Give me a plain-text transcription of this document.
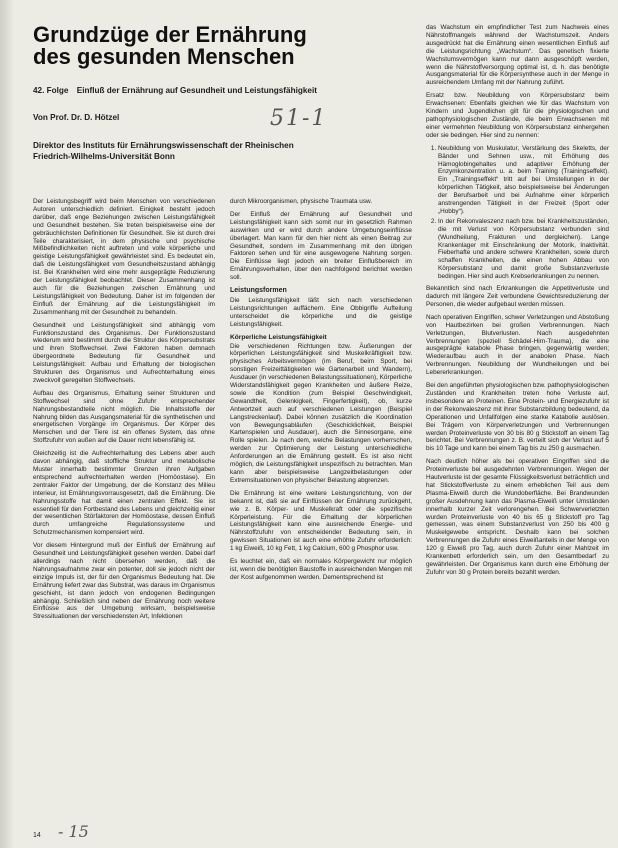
Grundzüge der Ernährung
des gesunden Menschen
42. Folge Einfluß der Ernährung auf Gesundheit und Leistungsfähigkeit
Von Prof. Dr. D. Hötzel	51-1
Direktor des Instituts für Ernährungswissenschaft der Rheinischen
Friedrich-Wilhelms-Universität Bonn

Der Leistungsbegriff wird beim Menschen von verschiedenen Autoren unterschiedlich definiert. Einigkeit besteht jedoch darüber, daß enge Beziehungen zwischen Leistungsfähigkeit und Gesundheit bestehen. Sie treten beispielsweise eine der gebräuchlichsten Definitionen für Gesundheit. Sie ist durch drei Teile charakterisiert, in dem physische und psychische Mißbefindlichkeiten nicht auftreten und volle körperliche und geistige Leistungsfähigkeit gewährleistet sind. Es bedeutet ein, daß die Leistungsfähigkeit vom Gesundheitszustand abhängig ist. Bei Krankheiten wird eine mehr ausgeprägte Reduzierung der Leistungsfähigkeit beobachtet. Dieser Zusammenhang ist auch für die Beziehungen zwischen Ernährung und Leistungsfähigkeit von Bedeutung. Daher ist im folgenden der Einfluß der Ernährung auf die Leistungsfähigkeit im Zusammenhang mit der Gesundheit zu behandeln.

Gesundheit und Leistungsfähigkeit sind abhängig vom Funktionszustand des Organismus. Der Funktionszustand wiederum wird bestimmt durch die Struktur des Körpersubstrats und ihren Stoffwechsel. Zwei Faktoren haben demnach übergeordnete Bedeutung für Gesundheit und Leistungsfähigkeit: Aufbau und Erhaltung der biologischen Strukturen des Organismus und Aufrechterhaltung eines zweckvoll geregelten Stoffwechsels.

Aufbau des Organismus, Erhaltung seiner Strukturen und Stoffwechsel sind ohne Zufuhr entsprechender Nahrungsbestandteile nicht möglich. Die Inhaltsstoffe der Nahrung bilden das Ausgangsmaterial für die synthetischen und energetischen Vorgänge im Organismus. Der Körper des Menschen und der Tiere ist ein offenes System, das ohne Stoffzufuhr von außen auf die Dauer nicht lebensfähig ist.

Gleichzeitig ist die Aufrechterhaltung des Lebens aber auch davon abhängig, daß stoffliche Struktur und metabolische Muster innerhalb bestimmter Grenzen ihren Aufgaben entsprechend aufrechterhalten werden (Homöostase). Ein zentraler Faktor der Umgebung, der die Konstanz des Milieu interieur, ist Ernährungsvorrausgesetzt, daß die Ernährung. Die Nahrungsstoffe hat damit einen zentralen Effekt. Sie ist essentiell für den Fortbestand des Lebens und gleichzeitig einer der wesentlichen Störfaktoren der Homöostase, dessen Einfluß durch umfangreiche Regulationssysteme und Schutzmechanismen kompensiert wird.

Vor diesem Hintergrund muß der Einfluß der Ernährung auf Gesundheit und Leistungsfähigkeit gesehen werden. Dabei darf allerdings nach nicht übersehen werden, daß die Nahrungsaufnahme zwar ein potenter, doll sie jedoch nicht der einzige Impuls ist, der für den Organismus Bedeutung hat. Die Ernährung liefert zwar das Substrat, was daraus im Organismus geschieht, ist dann jedoch von endogenen Bedingungen abhängig. Schließlich sind neben der Ernährung noch weitere Einflüsse aus der Umgebung wirksam, beispielsweise Stressituationen der verschiedensten Art, Infektionen

durch Mikroorganismen, physische Traumata usw.

Der Einfluß der Ernährung auf Gesundheit und Leistungsfähigkeit kann sich somit nur im gesetzlich Rahmen auswirken und er wird durch andere Umgebungseinflüsse überlagert. Man kann für den hier nicht als einen Beitrag zur Gesundheit, sondern im Zusammenhang mit den übrigen Faktoren sehen und für eine ausgewogene Nahrung sorgen. Die Einflüsse liegt jedoch ein breiter Einflußbereich im Ernährungsverhalten, über den nachfolgend berichtet werden soll.

Leistungsformen

Die Leistungsfähigkeit läßt sich nach verschiedenen Leistungsrichtungen auffächern. Eine Obbigriffe Aufteilung unterscheidet die körperliche und die geistige Leistungsfähigkeit.

Körperliche Leistungsfähigkeit

Die verschiedenen Richtungen bzw. Äußerungen der körperlichen Leistungsfähigkeit sind Muskelkräftigkeit bzw. physisches Arbeitsvermögen (im Beruf, beim Sport, bei sonstigen Freizeittätigkeiten wie Gartenarbeit und Wandern), Ausdauer (in verschiedenen Belastungssituationen), Körperliche Widerstandsfähigkeit gegen Krankheiten und äußere Reize, sowie die Kondition (zum Beispiel Geschwindigkeit, Gewandtheit, Gelenkigkeit, Fingerfertigkeit), ob, kurze Antwortzeit auch auf verschiedenen Leistungen (Beispiel Langstreckenlauf). Dabei können zusätzlich die Koordination von Bewegungsabläufen (Geschicklichkeit, Beispiel Kartenspielen und Ausdauer), auch die Sinnesorgane, eine Rolle spielen. Je nach dem, welche Belastungen vorherrschen, werden zur Optimierung der Leistung unterschiedliche Anforderungen an die Ernährung gestellt. Es ist also nicht möglich, die Leistungsfähigkeit unspezifisch zu betrachten. Man kann aber beispielsweise Langzeitbelastungen oder Extremsituationen von physischer Belastung abgrenzen.

Die Ernährung ist eine weitere Leistungsrichtung, von der bekannt ist, daß sie auf Einflüssen der Ernährung zurückgeht, wie z. B. Körper- und Muskelkraft oder die spezifische Körperleistung. Für die Erhaltung der körperlichen Leistungsfähigkeit kann eine ausreichende Energie- und Nährstoffzufuhr von entscheidender Bedeutung sein, in gewissen Situationen ist auch eine erhöhte Zufuhr erforderlich: 1 kg Eiweiß, 10 kg Fett, 1 kg Calcium, 600 g Phosphor usw.

Es leuchtet ein, daß ein normales Körpergewicht nur möglich ist, wenn die benötigten Baustoffe in ausreichenden Mengen mit der Kost aufgenommen werden. Dementsprechend ist

das Wachstum ein empfindlicher Test zum Nachweis eines Nährstoffmangels während der Wachstumszeit. Anders ausgedrückt hat die Ernährung einen wesentlichen Einfluß auf die Leistungsrichtung „Wachstum“. Das genetisch fixierte Wachstumsvermögen kann nur dann ausgeschöpft werden, wenn die Nährstoffversorgung optimal ist, d. h. das benötigte Ausgangsmaterial für die Körpersynthese auch in der Menge in ausreichendem Umfang mit der Nahrung zuführt.

Ersatz bzw. Neubildung von Körpersubstanz beim Erwachsenen: Ebenfalls gleichen wie für das Wachstum von Kindern und Jugendlichen gilt für die physiologischen und pathophysiologischen Zustände, die beim Erwachsenen mit einer vermehrten Neubildung von Körpersubstanz einhergehen oder sie bedingen. Hier sind zu nennen:

1. Neubildung von Muskulatur, Verstärkung des Skeletts, der Bänder und Sehnen usw., mit Erhöhung des Hämoglobingehaltes und adaptiver Erhöhung der Enzymkonzentration u. a. beim Training (Trainingseffekt). Ein „Trainingseffekt“ tritt auf bei Umstellungen in der körperlichen Tätigkeit, also beispielsweise bei Änderungen der Berufsarbeit und bei Aufnahme einer körperlich anstrengenden Tätigkeit in der Freizeit (Sport oder „Hobby“).
2. In der Rekonvaleszenz nach bzw. bei Krankheitszuständen, die mit Verlust von Körpersubstanz verbunden sind (Wundheilung, Frakturen und dergleichen). Lange Krankenlager mit Einschränkung der Motorik, Inaktivität. Fieberhafte und andere schwere Krankheiten, sowie durch schaffen Krankheiten, die einen hohen Abbau von Körpersubstanz und damit große Substanzverluste bedingen. Hier sind auch Krebserkrankungen zu nennen.

Bekanntlich sind nach Erkrankungen die Appetitverluste und dadurch mit längere Zeit verbundene Gewichtsreduzierung der Personen, die wieder aufgebaut werden müssen.

Nach operativen Eingriffen, schwer Verletzungen und Abstoßung von Hautbezirken bei großen Verbrennungen. Nach Verletzungen, Blutverlusten. Nach ausgedehnten Verbrennungen (speziell Schädel-Hirn-Trauma), die eine ausgeprägte katabole Phase bringen, gegenwärtig werden; Wiederaufbau auch in der anabolen Phase. Nach Verbrennungen. Neubildung der Wundheilungen und bei Lebererkrankungen.

Bei den angeführten physiologischen bzw. pathophysiologischen Zuständen und Krankheiten treten hohe Verluste auf, insbesondere an Proteinen. Eine Protein- und Energiezufuhr ist in der Rekonvaleszenz mit ihrer Substanzbildung bedeutend, da Operationen und Unfallfolgen eine starke Katabolie auslösen. Bei Trägern von Körperverletzungen und Verbrennungen werden Proteinverluste von 30 bis 80 g Stickstoff an einem Tag berichtet. Bei Verbrennungen z. B. verteilt sich der Verlust auf 5 bis 10 Tage und kann bei einem Tag bis zu 250 g ausmachen.

Nach deutlich höher als bei operativen Eingriffen sind die Proteinverluste bei ausgedehnten Verbrennungen. Wegen der Hautverluste ist der gesamte Flüssigkeitsverlust beträchtlich und hat Stickstoffverluste zu einem erheblichen Teil aus dem Plasma-Eiweiß durch die Wundoberfläche. Bei Brandwunden großer Ausdehnung kann das Plasma-Eiweiß unter Umständen innerhalb kurzer Zeit verlorengehen. Bei Schwerverletzten wurden Proteinverluste von 40 bis 65 g Stickstoff pro Tag gemessen, was einem Substanzverlust von 250 bis 400 g Muskelgewebe entspricht. Deshalb kann bei solchen Verbrennungen die Zufuhr eines Eiweißanteils in der Menge von 120 g Eiweiß pro Tag, auch durch Zufuhr einer Mahlzeit im Krankenbett erforderlich sein, um den Gesamtbedarf zu gewährleisten. Der Organismus kann durch eine Erhöhung der Zufuhr von 30 g Protein bereits bezahlt werden.

14 - 15
